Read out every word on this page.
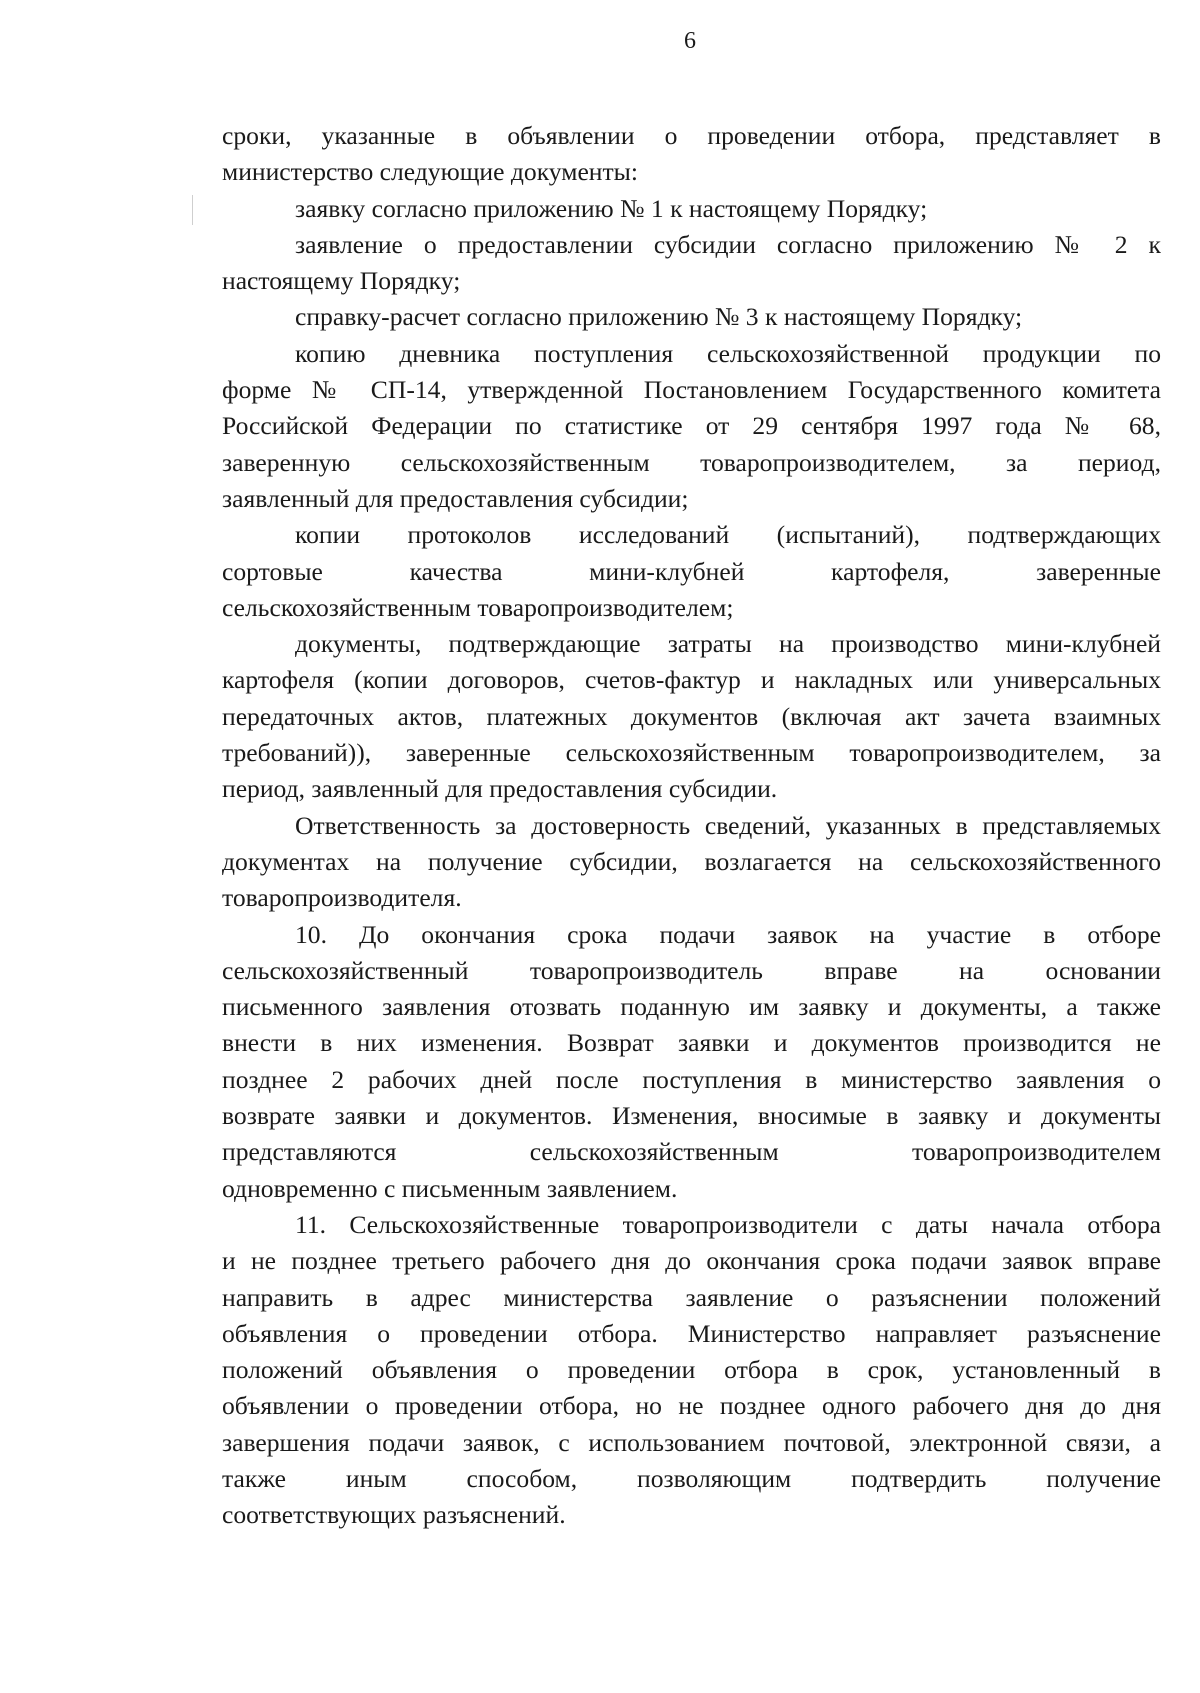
6
сроки, указанные в объявлении о проведении отбора, представляет в
министерство следующие документы:
заявку согласно приложению № 1 к настоящему Порядку;
заявление о предоставлении субсидии согласно приложению № 2 к
настоящему Порядку;
справку-расчет согласно приложению № 3 к настоящему Порядку;
копию дневника поступления сельскохозяйственной продукции по
форме № СП-14, утвержденной Постановлением Государственного комитета
Российской Федерации по статистике от 29 сентября 1997 года № 68,
заверенную сельскохозяйственным товаропроизводителем, за период,
заявленный для предоставления субсидии;
копии протоколов исследований (испытаний), подтверждающих
сортовые качества мини-клубней картофеля, заверенные
сельскохозяйственным товаропроизводителем;
документы, подтверждающие затраты на производство мини-клубней
картофеля (копии договоров, счетов-фактур и накладных или универсальных
передаточных актов, платежных документов (включая акт зачета взаимных
требований)), заверенные сельскохозяйственным товаропроизводителем, за
период, заявленный для предоставления субсидии.
Ответственность за достоверность сведений, указанных в представляемых
документах на получение субсидии, возлагается на сельскохозяйственного
товаропроизводителя.
10. До окончания срока подачи заявок на участие в отборе
сельскохозяйственный товаропроизводитель вправе на основании
письменного заявления отозвать поданную им заявку и документы, а также
внести в них изменения. Возврат заявки и документов производится не
позднее 2 рабочих дней после поступления в министерство заявления о
возврате заявки и документов. Изменения, вносимые в заявку и документы
представляются сельскохозяйственным товаропроизводителем
одновременно с письменным заявлением.
11. Сельскохозяйственные товаропроизводители с даты начала отбора
и не позднее третьего рабочего дня до окончания срока подачи заявок вправе
направить в адрес министерства заявление о разъяснении положений
объявления о проведении отбора. Министерство направляет разъяснение
положений объявления о проведении отбора в срок, установленный в
объявлении о проведении отбора, но не позднее одного рабочего дня до дня
завершения подачи заявок, с использованием почтовой, электронной связи, а
также иным способом, позволяющим подтвердить получение
соответствующих разъяснений.
